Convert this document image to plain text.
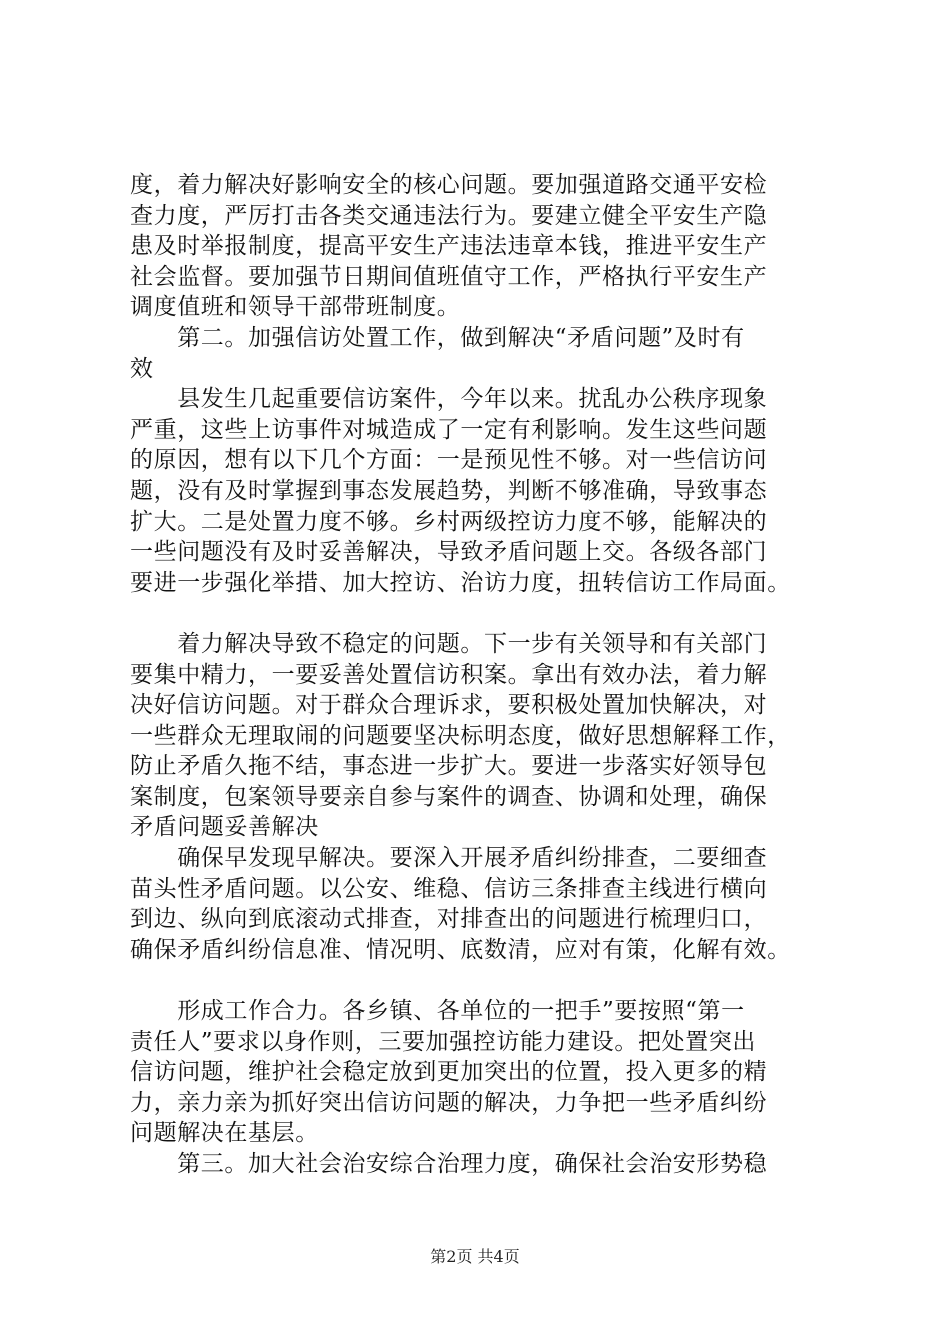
度，着力解决好影响安全的核心问题。要加强道路交通平安检
查力度，严厉打击各类交通违法行为。要建立健全平安生产隐
患及时举报制度，提高平安生产违法违章本钱，推进平安生产
社会监督。要加强节日期间值班值守工作，严格执行平安生产
调度值班和领导干部带班制度。
　　第二。加强信访处置工作，做到解决“矛盾问题”及时有
效
　　县发生几起重要信访案件，今年以来。扰乱办公秩序现象
严重，这些上访事件对城造成了一定有利影响。发生这些问题
的原因，想有以下几个方面：一是预见性不够。对一些信访问
题，没有及时掌握到事态发展趋势，判断不够准确，导致事态
扩大。二是处置力度不够。乡村两级控访力度不够，能解决的
一些问题没有及时妥善解决，导致矛盾问题上交。各级各部门
要进一步强化举措、加大控访、治访力度，扭转信访工作局面。
　　着力解决导致不稳定的问题。下一步有关领导和有关部门
要集中精力，一要妥善处置信访积案。拿出有效办法，着力解
决好信访问题。对于群众合理诉求，要积极处置加快解决，对
一些群众无理取闹的问题要坚决标明态度，做好思想解释工作，
防止矛盾久拖不结，事态进一步扩大。要进一步落实好领导包
案制度，包案领导要亲自参与案件的调查、协调和处理，确保
矛盾问题妥善解决
　　确保早发现早解决。要深入开展矛盾纠纷排查，二要细查
苗头性矛盾问题。以公安、维稳、信访三条排查主线进行横向
到边、纵向到底滚动式排查，对排查出的问题进行梳理归口，
确保矛盾纠纷信息准、情况明、底数清，应对有策，化解有效。
　　形成工作合力。各乡镇、各单位的一把手”要按照“第一
责任人”要求以身作则，三要加强控访能力建设。把处置突出
信访问题，维护社会稳定放到更加突出的位置，投入更多的精
力，亲力亲为抓好突出信访问题的解决，力争把一些矛盾纠纷
问题解决在基层。
　　第三。加大社会治安综合治理力度，确保社会治安形势稳
第2页 共4页
